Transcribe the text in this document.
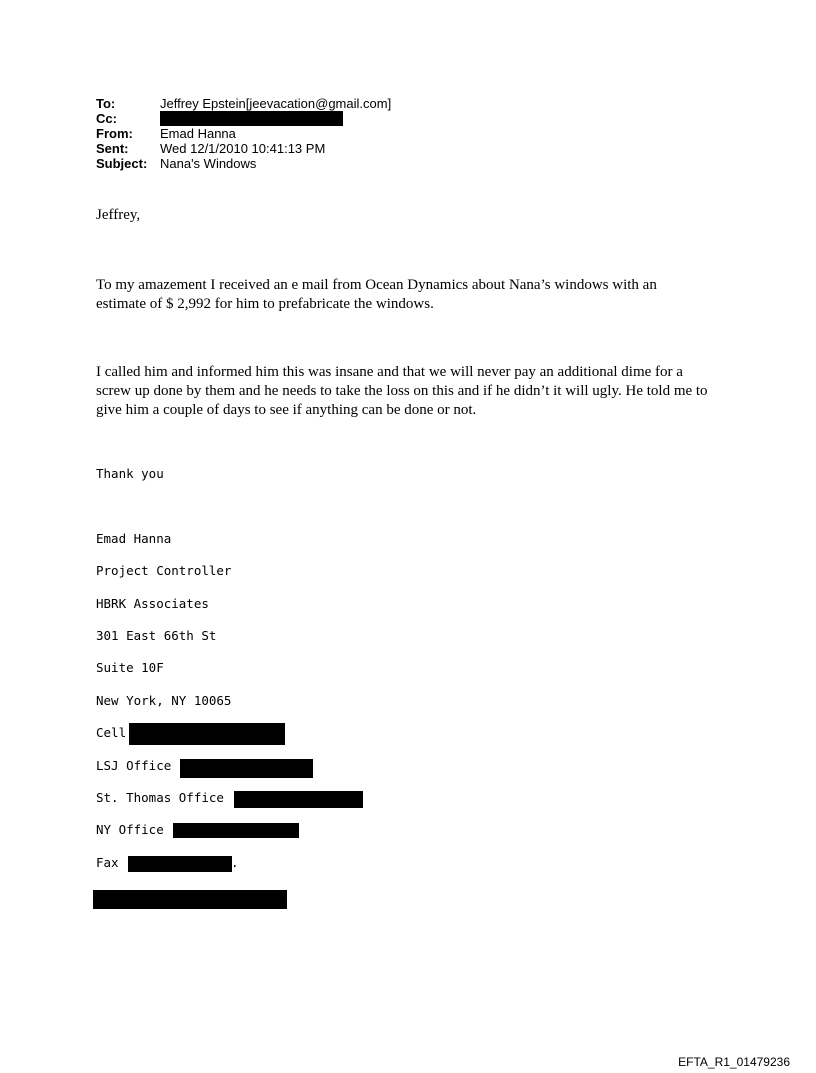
To:	Jeffrey Epstein[jeevacation@gmail.com]
Cc:
From:	Emad Hanna
Sent:	Wed 12/1/2010 10:41:13 PM
Subject: Nana's Windows
Jeffrey,
To my amazement I received an e mail from Ocean Dynamics about Nana’s windows with an estimate of $ 2,992 for him to prefabricate the windows.
I called him and informed him this was insane and that we will never pay an additional dime for a screw up done by them and he needs to take the loss on this and if he didn’t it will ugly. He told me to give him a couple of days to see if anything can be done or not.
Thank you
Emad Hanna
Project Controller
HBRK Associates
301 East 66th St
Suite 10F
New York, NY 10065
Cell
LSJ Office
St. Thomas Office
NY Office
Fax	.
EFTA_R1_01479236
